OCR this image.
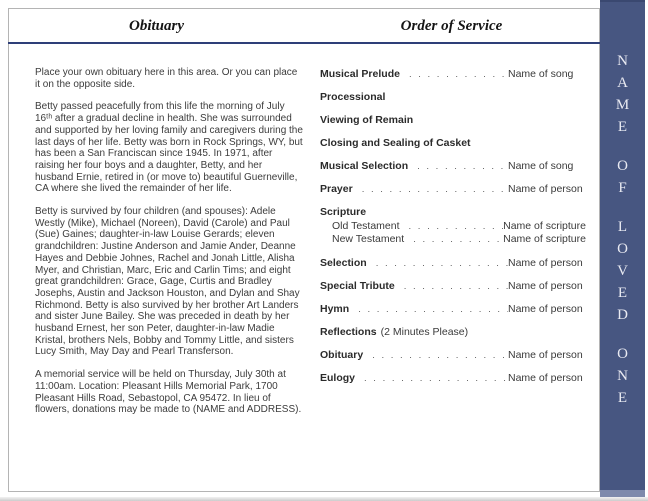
Obituary	Order of Service

Place your own obituary here in this area. Or you can place it on the opposite side.

Betty passed peacefully from this life the morning of July 16ᵗʰ after a gradual decline in health. She was surrounded and supported by her loving family and caregivers during the last days of her life. Betty was born in Rock Springs, WY, but has been a San Franciscan since 1945. In 1971, after raising her four boys and a daughter, Betty, and her husband Ernie, retired in (or move to) beautiful Guerneville, CA where she lived the remainder of her life.

Betty is survived by four children (and spouses): Adele Westly (Mike), Michael (Noreen), David (Carole) and Paul (Sue) Gaines; daughter-in-law Louise Gerards; eleven grandchildren: Justine Anderson and Jamie Ander, Deanne Hayes and Debbie Johnes, Rachel and Jonah Little, Alisha Myer, and Christian, Marc, Eric and Carlin Tims; and eight great grandchildren: Grace, Gage, Curtis and Bradley Josephs, Austin and Jackson Houston, and Dylan and Shay Richmond. Betty is also survived by her brother Art Landers and sister June Bailey. She was preceded in death by her husband Ernest, her son Peter, daughter-in-law Madie Kristal, brothers Nels, Bobby and Tommy Little, and sisters Lucy Smith, May Day and Pearl Transferson.

A memorial service will be held on Thursday, July 30th at 11:00am. Location: Pleasant Hills Memorial Park, 1700 Pleasant Hills Road, Sebastopol, CA 95472. In lieu of flowers, donations may be made to (NAME and ADDRESS).

Musical Prelude . . .	Name of song
Processional
Viewing of Remain
Closing and Sealing of Casket
Musical Selection . . .	Name of song
Prayer . . .	Name of person
Scripture
Old Testament . . .	Name of scripture
New Testament . . .	Name of scripture
Selection . . .	Name of person
Special Tribute . . .	Name of person
Hymn . . .	Name of person
Reflections (2 Minutes Please)
Obituary . . .	Name of person
Eulogy . . .	Name of person
N
A
M
E
O
F
L
O
V
E
D
O
N
E
